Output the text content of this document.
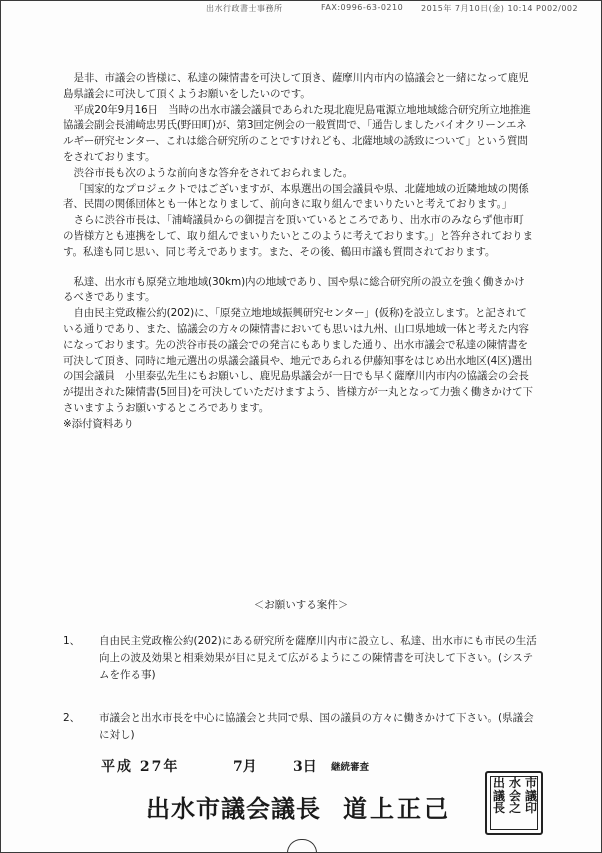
出水行政書士事務所	FAX:0996-63-0210 2015年 7月10日(金) 10:14 P002/002

是非、市議会の皆様に、私達の陳情書を可決して頂き、薩摩川内市内の協議会と一緒になって鹿児島県議会に可決して頂くようお願いをしたいのです。

平成20年9月16日　当時の出水市議会議員であられた現北鹿児島電源立地地域総合研究所立地推進協議会副会長浦崎忠男氏(野田町)が、第3回定例会の一般質問で、「通告しましたバイオクリーンエネルギー研究センター、これは総合研究所のことですけれども、北薩地域の誘致について」という質問をされております。

渋谷市長も次のような前向きな答弁をされておられました。

「国家的なプロジェクトではございますが、本県選出の国会議員や県、北薩地域の近隣地域の関係者、民間の関係団体とも一体となりまして、前向きに取り組んでまいりたいと考えております。」

さらに渋谷市長は、「浦崎議員からの御提言を頂いているところであり、出水市のみならず他市町の皆様方とも連携をして、取り組んでまいりたいとこのように考えております。」と答弁されております。私達も同じ思い、同じ考えであります。また、その後、鶴田市議も質問されております。

私達、出水市も原発立地地域(30km)内の地域であり、国や県に総合研究所の設立を強く働きかけるべきであります。

自由民主党政権公約(202)に、「原発立地地域振興研究センター」(仮称)を設立します。と記されている通りであり、また、協議会の方々の陳情書においても思いは九州、山口県地域一体と考えた内容になっております。先の渋谷市長の議会での発言にもありました通り、出水市議会で私達の陳情書を可決して頂き、同時に地元選出の県議会議員や、地元であられる伊藤知事をはじめ出水地区(4区)選出の国会議員　小里泰弘先生にもお願いし、鹿児島県議会が一日でも早く薩摩川内市内の協議会の会長が提出された陳情書(5回目)を可決していただけますよう、皆様方が一丸となって力強く働きかけて下さいますようお願いするところであります。

※添付資料あり

＜お願いする案件＞
1、	自由民主党政権公約(202)にある研究所を薩摩川内市に設立し、私達、出水市にも市民の生活向上の波及効果と相乗効果が目に見えて広がるようにこの陳情書を可決して下さい。(システムを作る事)
2、	市議会と出水市長を中心に協議会と共同で県、国の議員の方々に働きかけて下さい。(県議会に対し)
平成 27年	7月	3日 継続審査
出水市議会議長 道上正己
市
議
印
水
会
之
出
議
長
